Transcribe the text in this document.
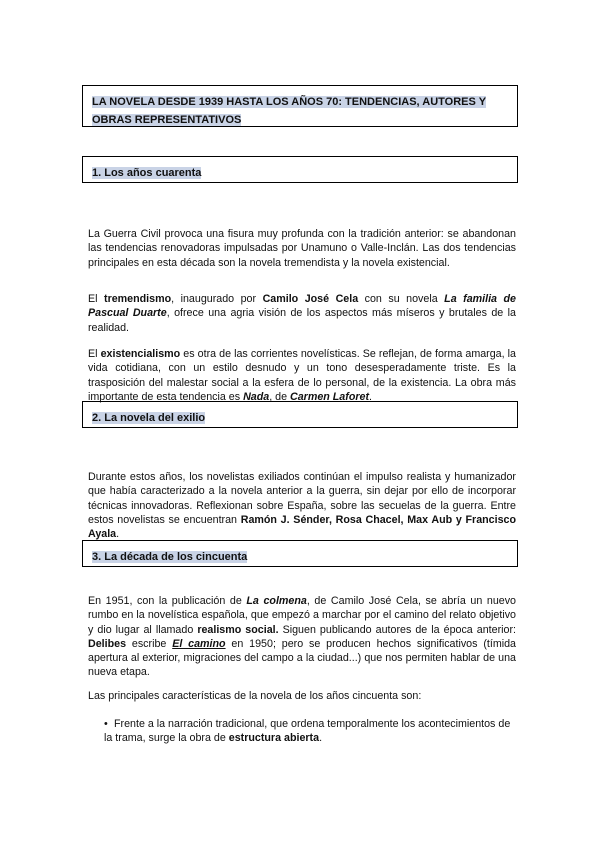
LA NOVELA DESDE 1939 HASTA LOS AÑOS 70: TENDENCIAS, AUTORES Y OBRAS REPRESENTATIVOS
1. Los años cuarenta
La Guerra Civil provoca una fisura muy profunda con la tradición anterior: se abandonan las tendencias renovadoras impulsadas por Unamuno o Valle-Inclán. Las dos tendencias principales en esta década son la novela tremendista y la novela existencial.
El tremendismo, inaugurado por Camilo José Cela con su novela La familia de Pascual Duarte, ofrece una agria visión de los aspectos más míseros y brutales de la realidad.
El existencialismo es otra de las corrientes novelísticas. Se reflejan, de forma amarga, la vida cotidiana, con un estilo desnudo y un tono desesperadamente triste. Es la trasposición del malestar social a la esfera de lo personal, de la existencia. La obra más importante de esta tendencia es Nada, de Carmen Laforet.
2. La novela del exilio
Durante estos años, los novelistas exiliados continúan el impulso realista y humanizador que había caracterizado a la novela anterior a la guerra, sin dejar por ello de incorporar técnicas innovadoras. Reflexionan sobre España, sobre las secuelas de la guerra. Entre estos novelistas se encuentran Ramón J. Sénder, Rosa Chacel, Max Aub y Francisco Ayala.
3. La década de los cincuenta
En 1951, con la publicación de La colmena, de Camilo José Cela, se abría un nuevo rumbo en la novelística española, que empezó a marchar por el camino del relato objetivo y dio lugar al llamado realismo social. Siguen publicando autores de la época anterior: Delibes escribe El camino en 1950; pero se producen hechos significativos (tímida apertura al exterior, migraciones del campo a la ciudad...) que nos permiten hablar de una nueva etapa.
Las principales características de la novela de los años cincuenta son:
• Frente a la narración tradicional, que ordena temporalmente los acontecimientos de la trama, surge la obra de estructura abierta.
